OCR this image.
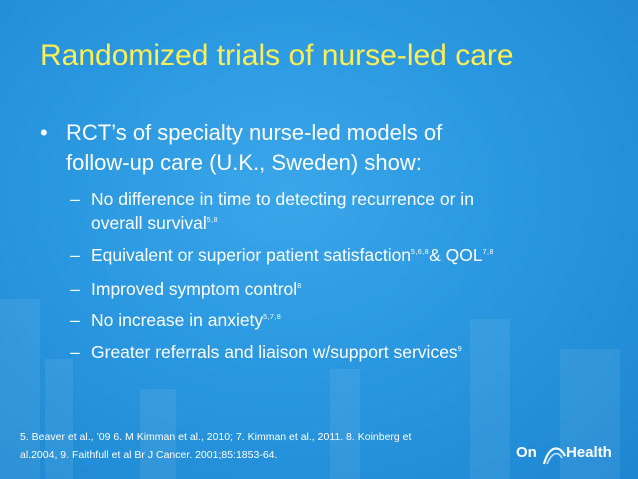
Randomized trials of nurse-led care
• RCT’s of specialty nurse-led models of
follow-up care (U.K., Sweden) show:
– No difference in time to detecting recurrence or in
overall survival$^{5,8}$
– Equivalent or superior patient satisfaction$^{5,6,8}$& QOL$^{7,8}$
– Improved symptom control$^8$
– No increase in anxiety$^{5,7,8}$
– Greater referrals and liaison w/support services$^9$
5. Beaver et al., ’09 6. M Kimman et al., 2010; 7. Kimman et al., 2011. 8. Koinberg et
al.2004, 9. Faithfull et al Br J Cancer. 2001;85:1853-64.	On Health
